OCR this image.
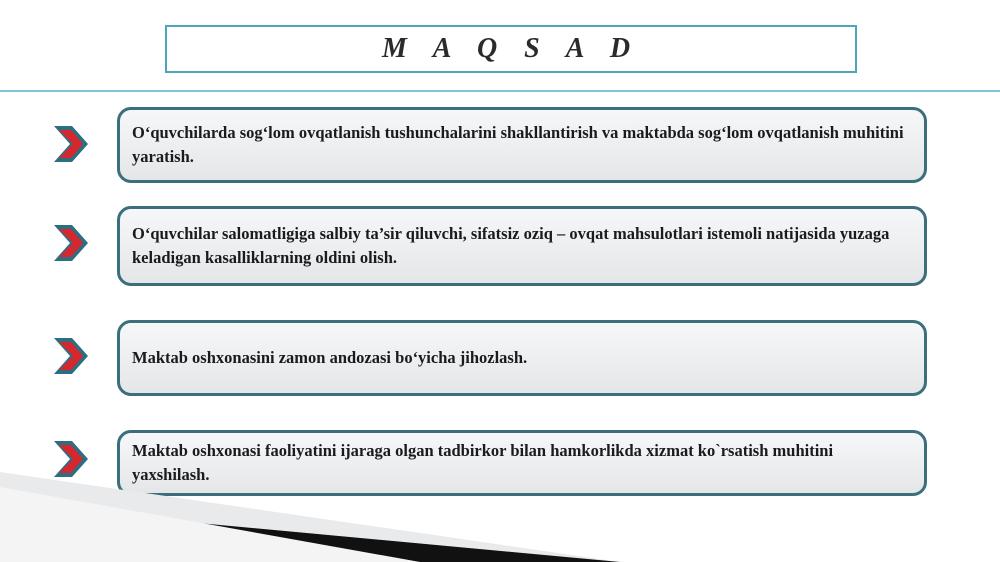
M A Q S A D
O‘quvchilarda sog‘lom ovqatlanish tushunchalarini shakllantirish va maktabda sog‘lom ovqatlanish muhitini yaratish.
O‘quvchilar salomatligiga salbiy ta’sir qiluvchi, sifatsiz oziq – ovqat mahsulotlari istemoli natijasida yuzaga keladigan kasalliklarning oldini olish.
Maktab oshxonasini zamon andozasi bo‘yicha jihozlash.
Maktab oshxonasi faoliyatini ijaraga olgan tadbirkor bilan hamkorlikda xizmat ko`rsatish muhitini yaxshilash.
